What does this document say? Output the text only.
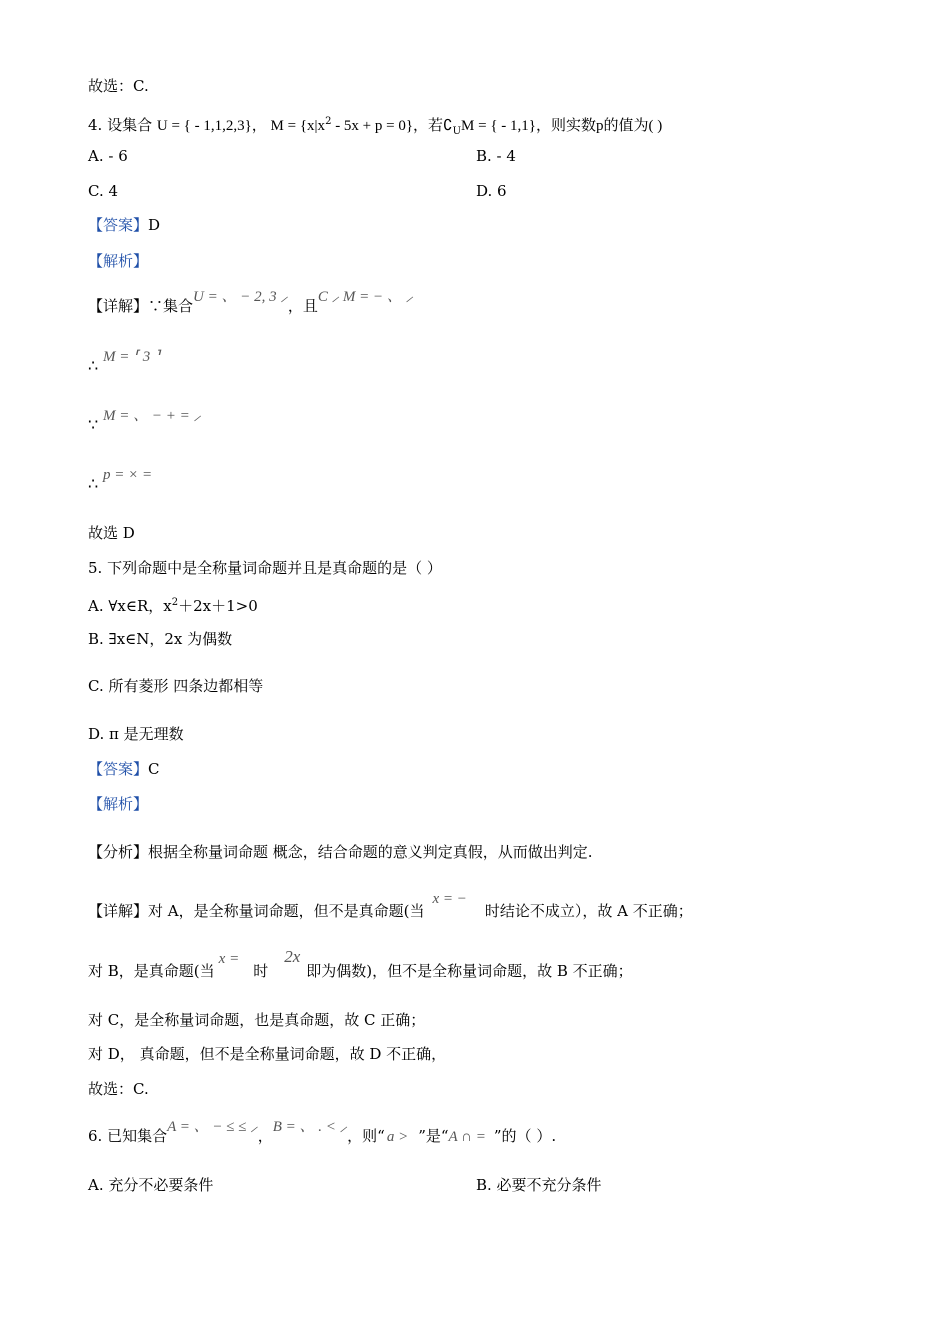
故选：C.
4. 设集合 U = { - 1,1,2,3}， $M = \{x|x^2 - 5x + p = 0\}$，若$∁_UM$ = { - 1,1}，则实数p的值为( )
A. - 6	B. - 4
C. 4	D. 6
【答案】D
【解析】
【详解】∵集合U = 、 − 2, 3 ⸝，且C ⸝ M = − 、 ⸝
∴ M = ⸢ 3 ⸣
∵ M = 、 − + = ⸝
∴ p = × =
故选 D
5. 下列命题中是全称量词命题并且是真命题的是（ ）
A. ∀x∈R，$x^2+2x+1>0$
B. ∃x∈N，2x 为偶数
C. 所有菱形 四条边都相等
D. π 是无理数
【答案】C
【解析】
【分析】根据全称量词命题 概念，结合命题的意义判定真假，从而做出判定.
【详解】对 A，是全称量词命题，但不是真命题(当x = −时结论不成立），故 A 不正确；
对 B，是真命题(当x =时2x即为偶数)，但不是全称量词命题，故 B 不正确；
对 C，是全称量词命题，也是真命题，故 C 正确；
对 D， 真命题，但不是全称量词命题，故 D 不正确，
故选：C.
6. 已知集合A = 、 − ≤ ≤ ⸝，B = 、 . < ⸝，则“ a > ”是“A ∩ = ”的（ ）.
A. 充分不必要条件	B. 必要不充分条件
